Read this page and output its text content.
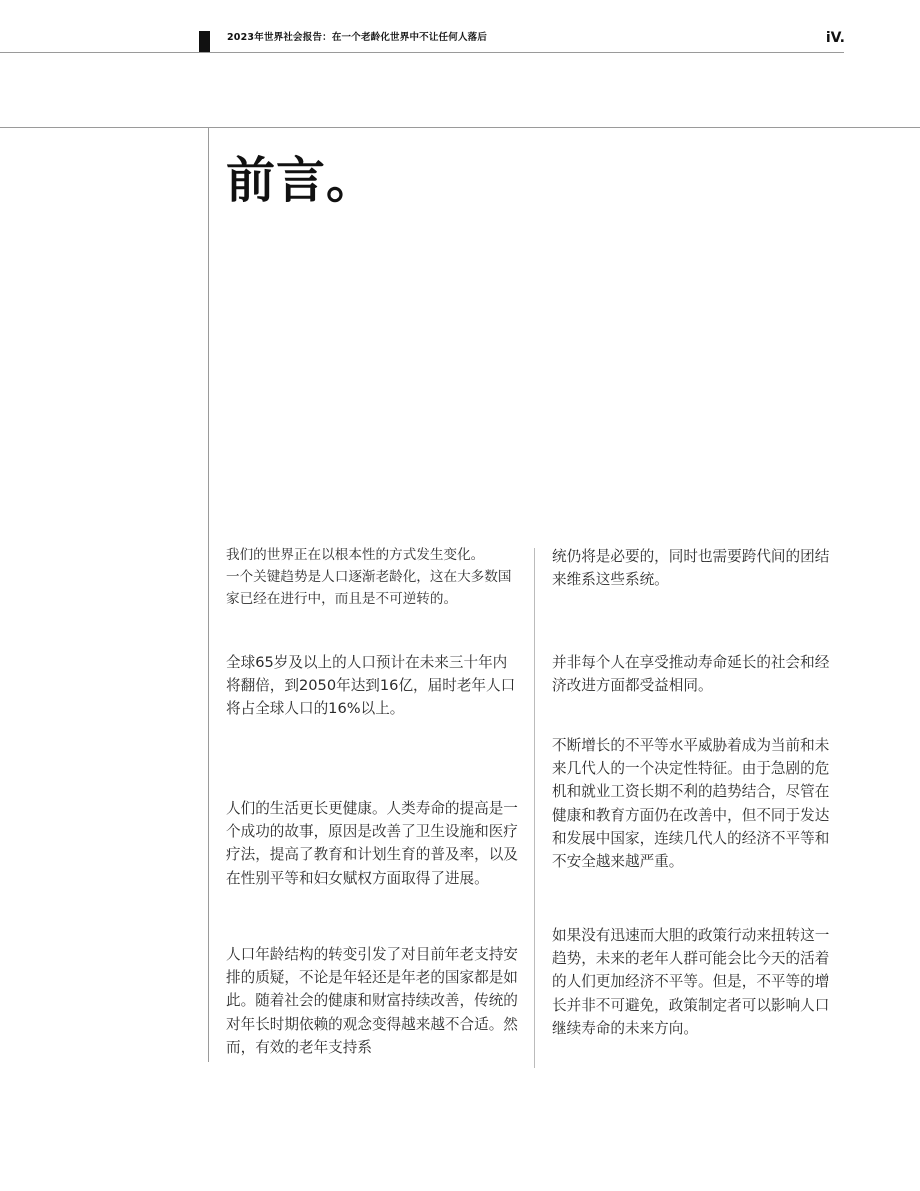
2023年世界社会报告：在一个老龄化世界中不让任何人落后	iV.
前言。

我们的世界正在以根本性的方式发生变化。

一个关键趋势是人口逐渐老龄化，这在大多数国家已经在进行中，而且是不可逆转的。

全球65岁及以上的人口预计在未来三十年内将翻倍，到2050年达到16亿，届时老年人口将占全球人口的16%以上。

人们的生活更长更健康。人类寿命的提高是一个成功的故事，原因是改善了卫生设施和医疗疗法，提高了教育和计划生育的普及率，以及在性别平等和妇女赋权方面取得了进展。

人口年龄结构的转变引发了对目前年老支持安排的质疑，不论是年轻还是年老的国家都是如此。随着社会的健康和财富持续改善，传统的对年长时期依赖的观念变得越来越不合适。然而，有效的老年支持系

统仍将是必要的，同时也需要跨代间的团结来维系这些系统。

并非每个人在享受推动寿命延长的社会和经济改进方面都受益相同。

不断增长的不平等水平威胁着成为当前和未来几代人的一个决定性特征。由于急剧的危机和就业工资长期不利的趋势结合，尽管在健康和教育方面仍在改善中，但不同于发达和发展中国家，连续几代人的经济不平等和不安全越来越严重。

如果没有迅速而大胆的政策行动来扭转这一趋势，未来的老年人群可能会比今天的活着的人们更加经济不平等。但是，不平等的增长并非不可避免，政策制定者可以影响人口继续寿命的未来方向。
